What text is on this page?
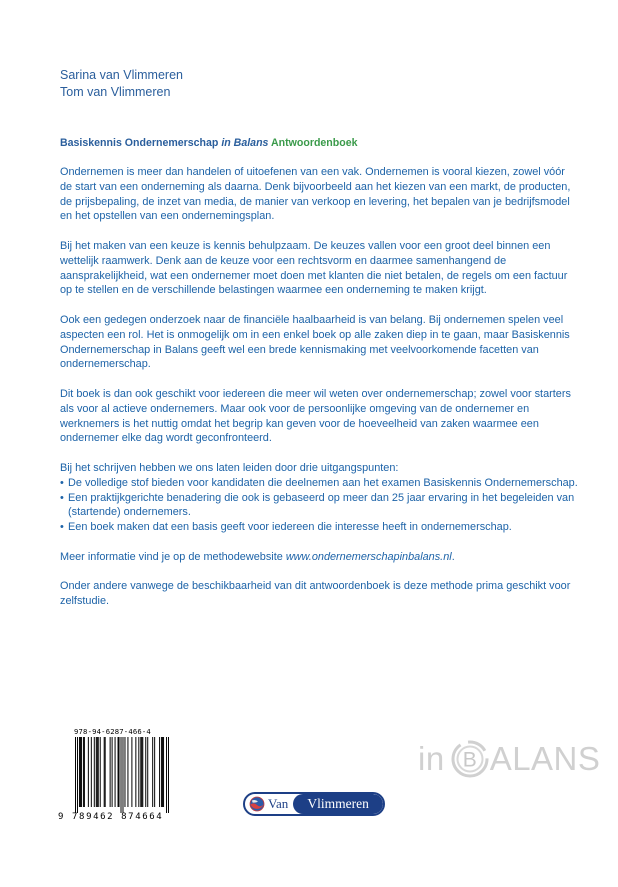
Sarina van Vlimmeren
Tom van Vlimmeren
Basiskennis Ondernemerschap in Balans Antwoordenboek

Ondernemen is meer dan handelen of uitoefenen van een vak. Ondernemen is vooral kiezen, zowel vóór de start van een onderneming als daarna. Denk bijvoorbeeld aan het kiezen van een markt, de producten, de prijsbepaling, de inzet van media, de manier van verkoop en levering, het bepalen van je bedrijfsmodel en het opstellen van een ondernemingsplan.

Bij het maken van een keuze is kennis behulpzaam. De keuzes vallen voor een groot deel binnen een wettelijk raamwerk. Denk aan de keuze voor een rechtsvorm en daarmee samenhangend de aansprakelijkheid, wat een ondernemer moet doen met klanten die niet betalen, de regels om een factuur op te stellen en de verschillende belastingen waarmee een onderneming te maken krijgt.

Ook een gedegen onderzoek naar de financiële haalbaarheid is van belang. Bij ondernemen spelen veel aspecten een rol. Het is onmogelijk om in een enkel boek op alle zaken diep in te gaan, maar Basiskennis Ondernemerschap in Balans geeft wel een brede kennismaking met veelvoorkomende facetten van ondernemerschap.

Dit boek is dan ook geschikt voor iedereen die meer wil weten over ondernemerschap; zowel voor starters als voor al actieve ondernemers. Maar ook voor de persoonlijke omgeving van de ondernemer en werknemers is het nuttig omdat het begrip kan geven voor de hoeveelheid van zaken waarmee een ondernemer elke dag wordt geconfronteerd.

Bij het schrijven hebben we ons laten leiden door drie uitgangspunten:
• De volledige stof bieden voor kandidaten die deelnemen aan het examen Basiskennis Ondernemerschap.
• Een praktijkgerichte benadering die ook is gebaseerd op meer dan 25 jaar ervaring in het begeleiden van (startende) ondernemers.
• Een boek maken dat een basis geeft voor iedereen die interesse heeft in ondernemerschap.

Meer informatie vind je op de methodewebsite www.ondernemerschapinbalans.nl.

Onder andere vanwege de beschikbaarheid van dit antwoordenboek is deze methode prima geschikt voor zelfstudie.

978-94-6287-466-4
9 789462 874664
in B ALANS
Van	Vlimmeren
